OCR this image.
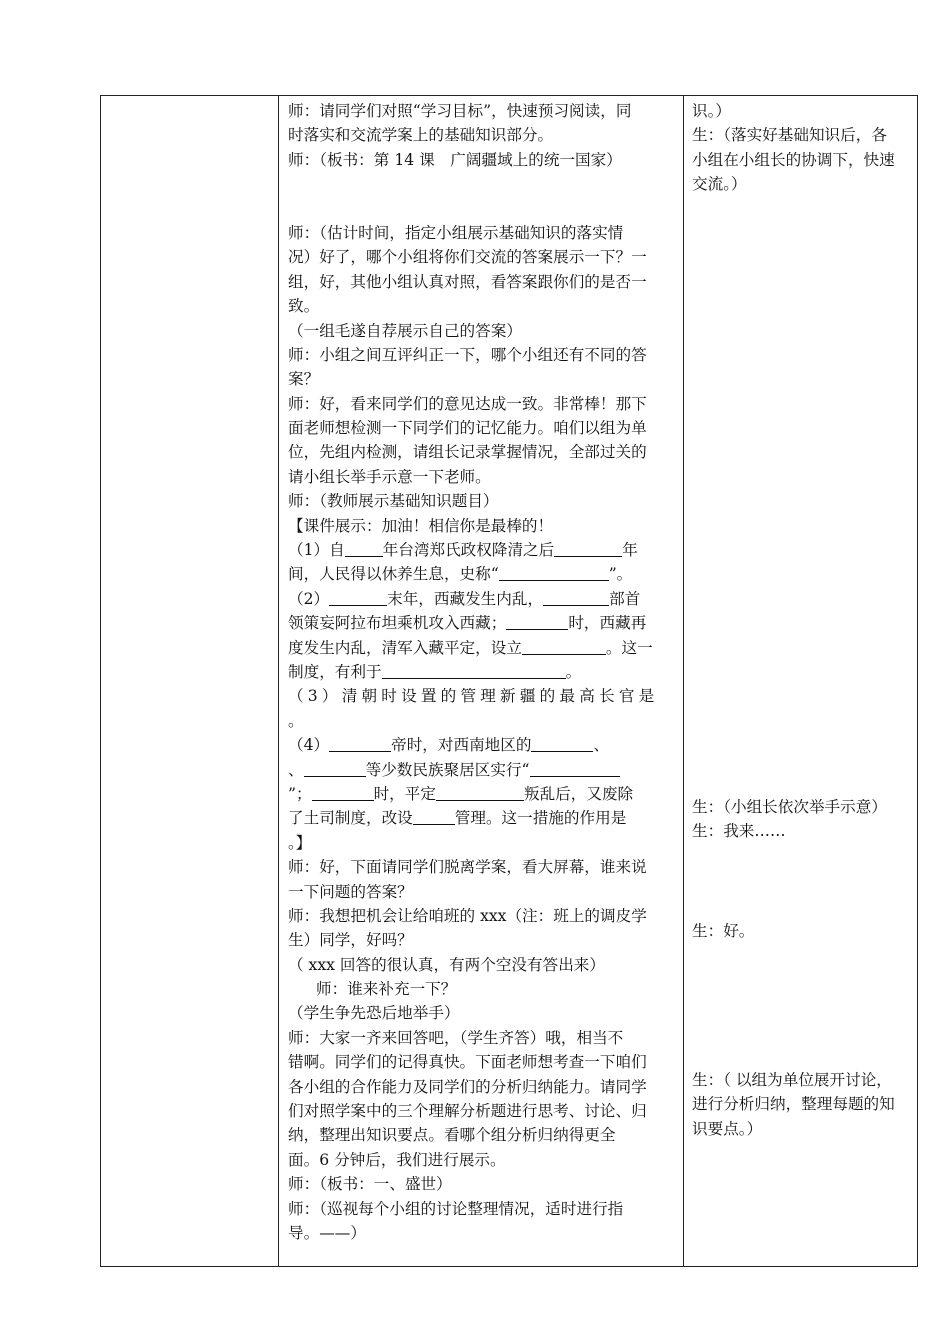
师：请同学们对照“学习目标”，快速预习阅读，同
时落实和交流学案上的基础知识部分。
师：（板书：第 14 课　广阔疆域上的统一国家）
师：（估计时间，指定小组展示基础知识的落实情
况）好了，哪个小组将你们交流的答案展示一下？一
组，好，其他小组认真对照，看答案跟你们的是否一
致。
（一组毛遂自荐展示自己的答案）
师：小组之间互评纠正一下，哪个小组还有不同的答
案？
师：好，看来同学们的意见达成一致。非常棒！那下
面老师想检测一下同学们的记忆能力。咱们以组为单
位，先组内检测，请组长记录掌握情况，全部过关的
请小组长举手示意一下老师。
师：（教师展示基础知识题目）
【课件展示：加油！相信你是最棒的！
（1）自 年台湾郑氏政权降清之后	年
间，人民得以休养生息，史称“	”。
（2）	末年，西藏发生内乱，	部首
领策妄阿拉布坦乘机攻入西藏；	时，西藏再
度发生内乱，清军入藏平定，设立	。这一
制度，有利于	。
（3）清朝时设置的管理新疆的最高长官是
。
（4）	帝时，对西南地区的	、
、	等少数民族聚居区实行“
”；	时，平定	叛乱后，又废除
了土司制度，改设	管理。这一措施的作用是
。】
师：好，下面请同学们脱离学案，看大屏幕，谁来说
一下问题的答案？
师：我想把机会让给咱班的 xxx（注：班上的调皮学
生）同学，好吗？
（ xxx 回答的很认真，有两个空没有答出来）
师：谁来补充一下？
（学生争先恐后地举手）
师：大家一齐来回答吧，（学生齐答）哦，相当不
错啊。同学们的记得真快。下面老师想考查一下咱们
各小组的合作能力及同学们的分析归纳能力。请同学
们对照学案中的三个理解分析题进行思考、讨论、归
纳，整理出知识要点。看哪个组分析归纳得更全
面。6 分钟后，我们进行展示。
师：（板书：一、盛世）
师：（巡视每个小组的讨论整理情况，适时进行指
导。——）
识。）
生：（落实好基础知识后，各
小组在小组长的协调下，快速
交流。）
生：（小组长依次举手示意）
生：我来……
生：好。
生：（ 以组为单位展开讨论，
进行分析归纳，整理每题的知
识要点。）
